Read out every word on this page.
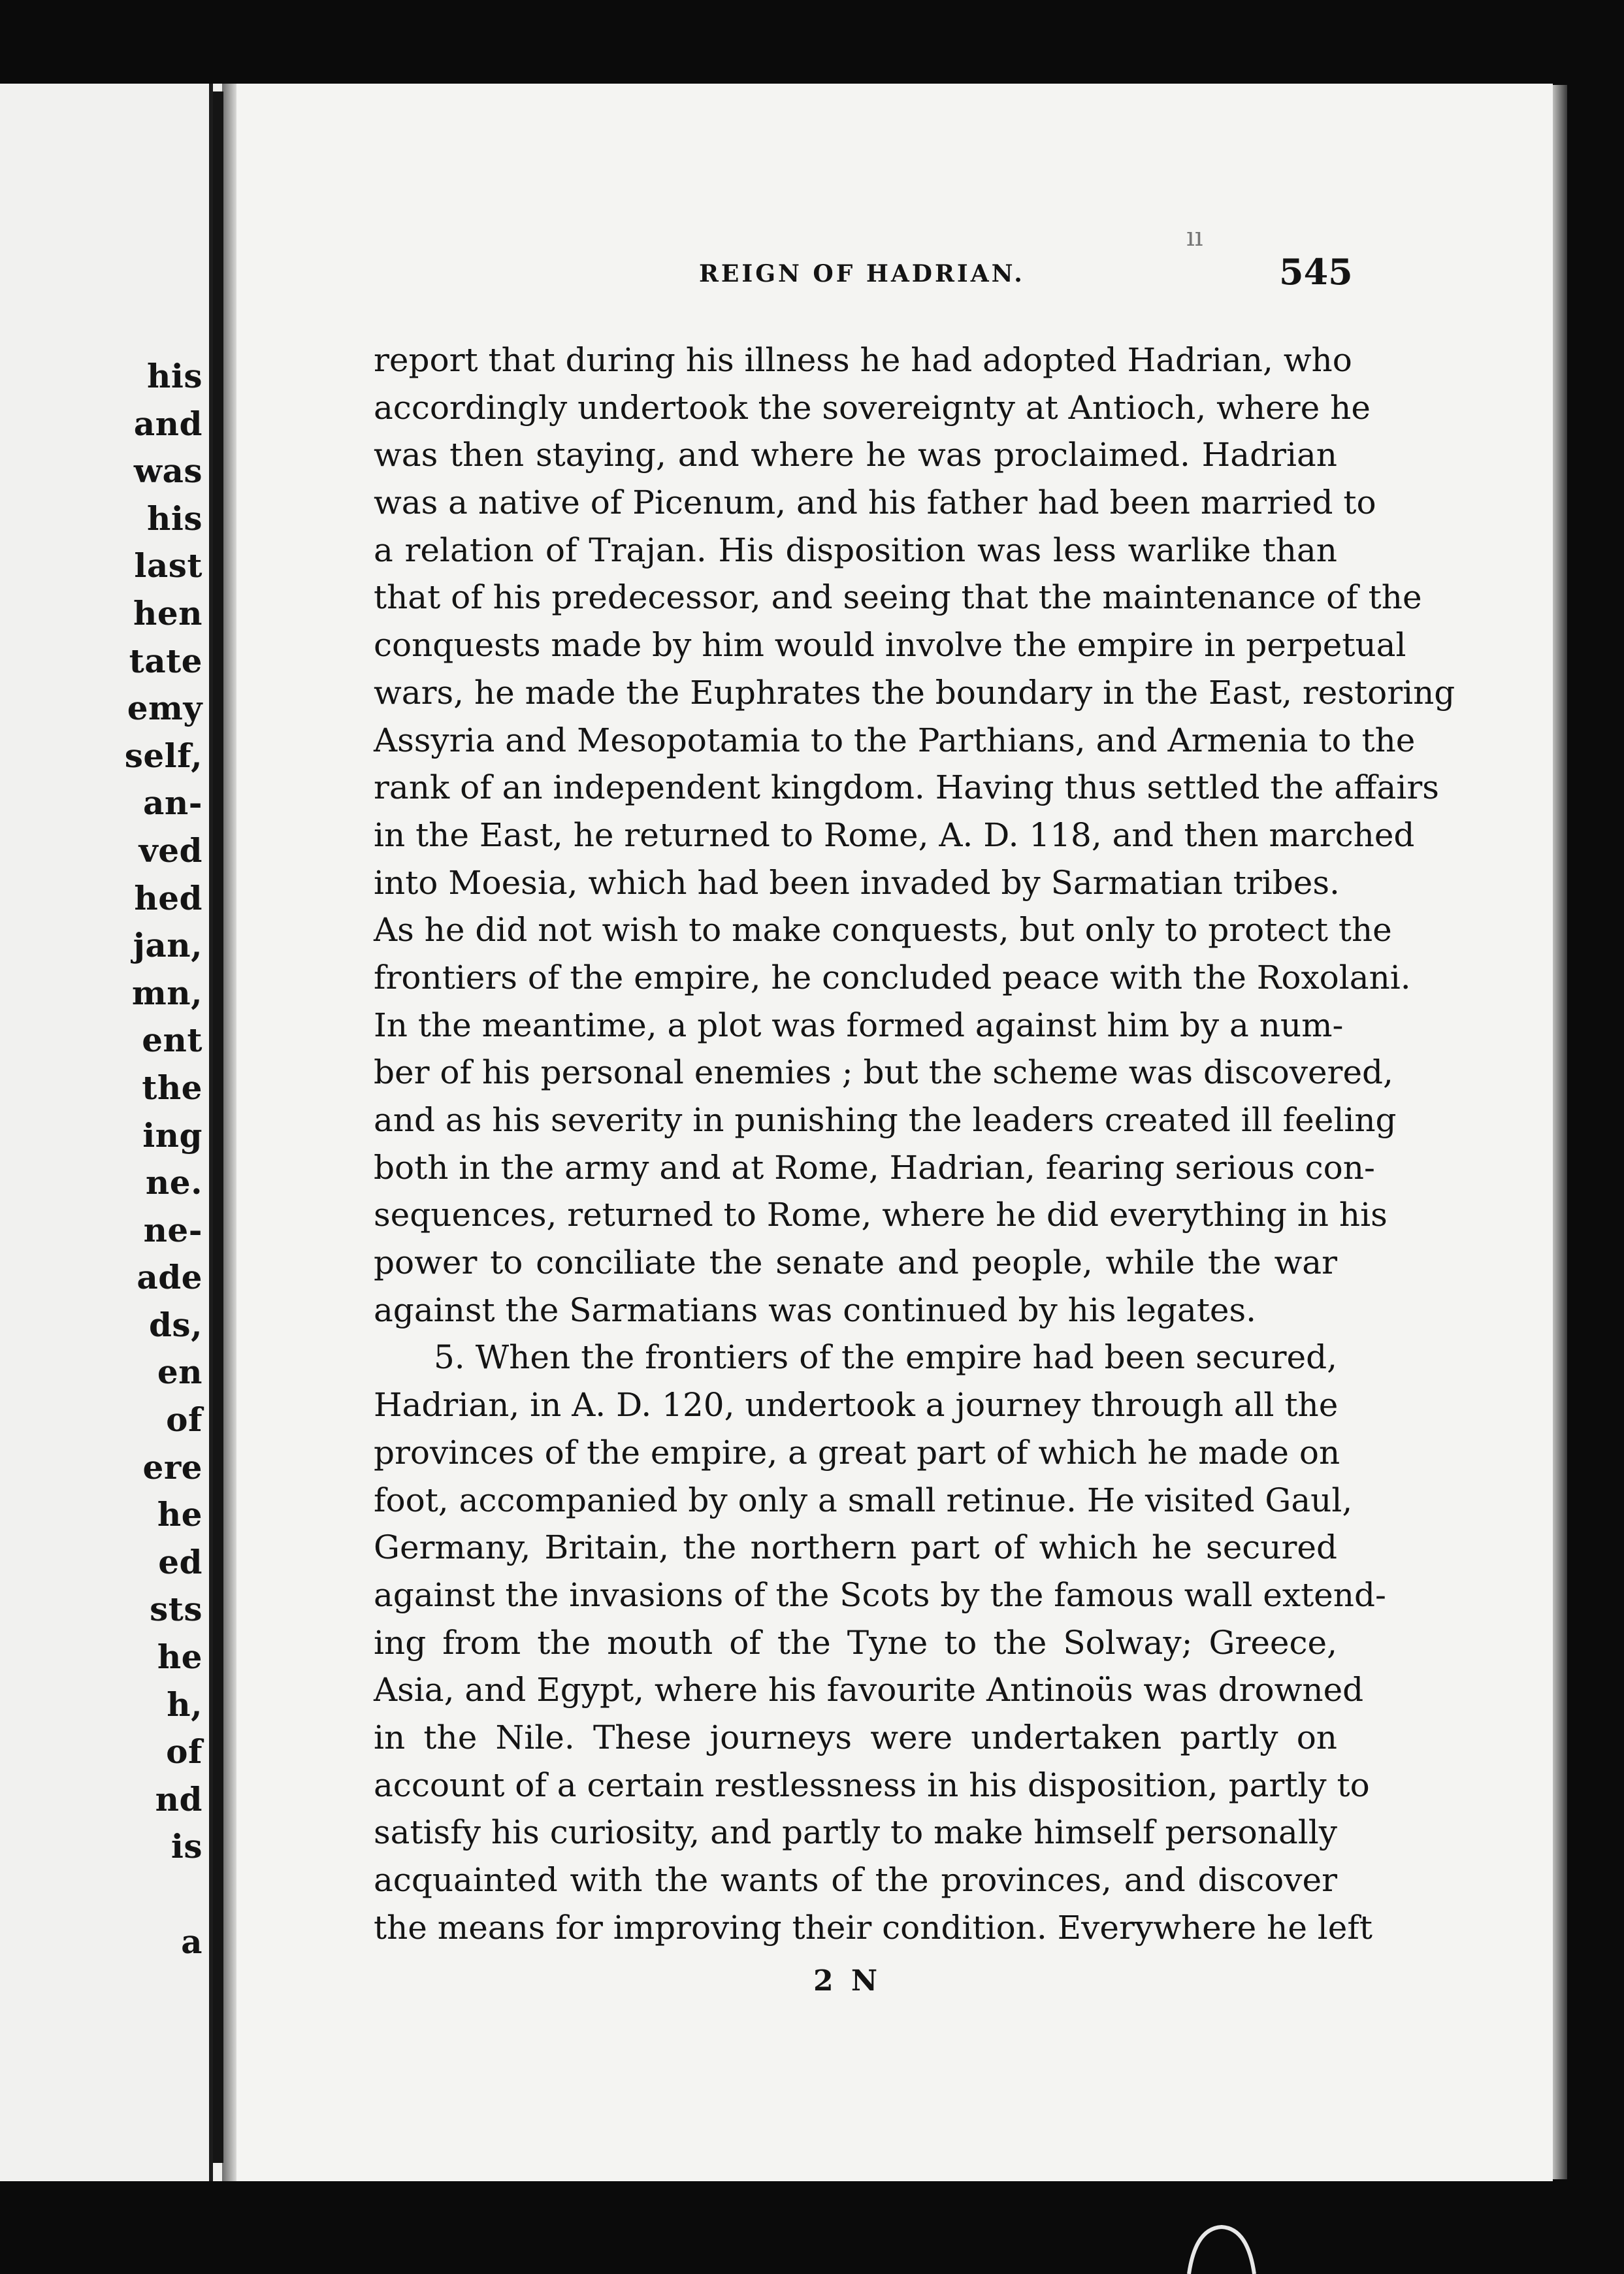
his
and
was
his
last
hen
tate
emy
self,
an-
ved
hed
jan,
mn,
ent
the
ing
ne.
ne-
ade
ds,
en
of
ere
he
ed
sts
he
h,
of
nd
is
a
ıı
REIGN OF HADRIAN.	545
report that during his illness he had adopted Hadrian, who
accordingly undertook the sovereignty at Antioch, where he
was then staying, and where he was proclaimed. Hadrian
was a native of Picenum, and his father had been married to
a relation of Trajan. His disposition was less warlike than
that of his predecessor, and seeing that the maintenance of the
conquests made by him would involve the empire in perpetual
wars, he made the Euphrates the boundary in the East, restoring
Assyria and Mesopotamia to the Parthians, and Armenia to the
rank of an independent kingdom. Having thus settled the affairs
in the East, he returned to Rome, A. D. 118, and then marched
into Moesia, which had been invaded by Sarmatian tribes.
As he did not wish to make conquests, but only to protect the
frontiers of the empire, he concluded peace with the Roxolani.
In the meantime, a plot was formed against him by a num-
ber of his personal enemies ; but the scheme was discovered,
and as his severity in punishing the leaders created ill feeling
both in the army and at Rome, Hadrian, fearing serious con-
sequences, returned to Rome, where he did everything in his
power to conciliate the senate and people, while the war
against the Sarmatians was continued by his legates.
5. When the frontiers of the empire had been secured,
Hadrian, in A. D. 120, undertook a journey through all the
provinces of the empire, a great part of which he made on
foot, accompanied by only a small retinue. He visited Gaul,
Germany, Britain, the northern part of which he secured
against the invasions of the Scots by the famous wall extend-
ing from the mouth of the Tyne to the Solway; Greece,
Asia, and Egypt, where his favourite Antinoüs was drowned
in the Nile. These journeys were undertaken partly on
account of a certain restlessness in his disposition, partly to
satisfy his curiosity, and partly to make himself personally
acquainted with the wants of the provinces, and discover
the means for improving their condition. Everywhere he left
2 N
